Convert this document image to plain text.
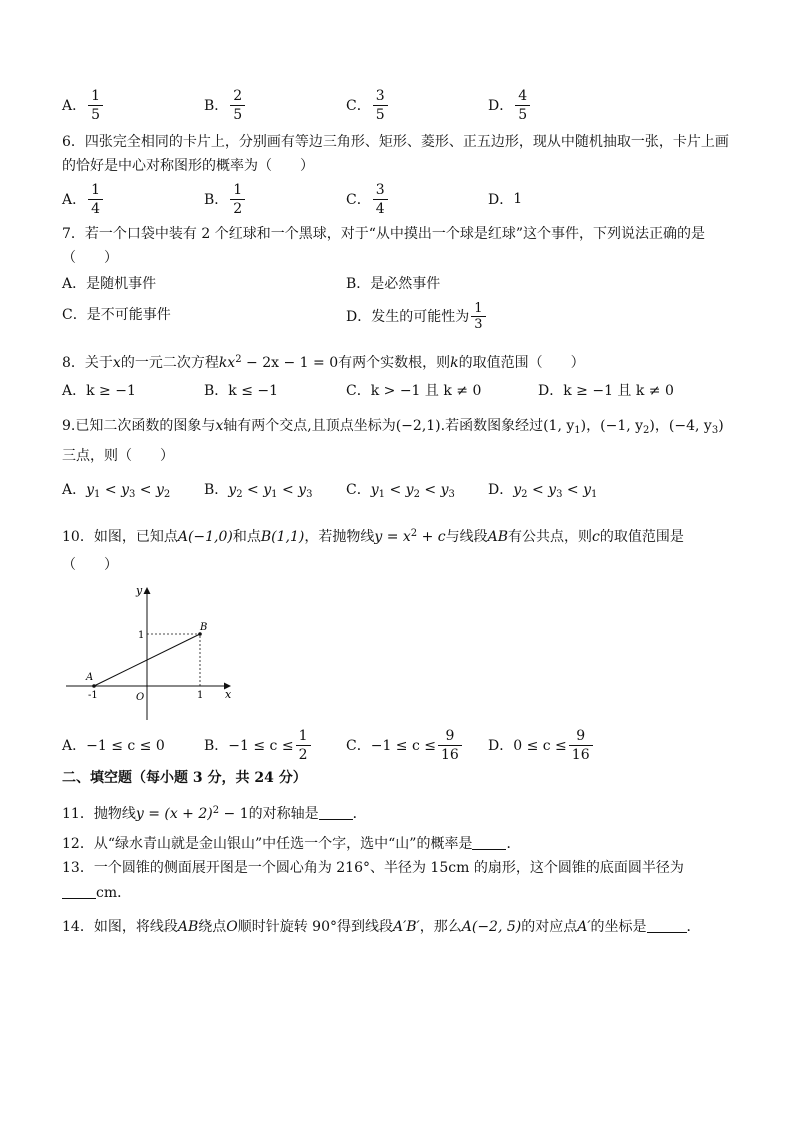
A． $\frac{1}{5}$	B． $\frac{2}{5}$	C． $\frac{3}{5}$	D． $\frac{4}{5}$
6．四张完全相同的卡片上，分别画有等边三角形、矩形、菱形、正五边形，现从中随机抽取一张，卡片上画
的恰好是中心对称图形的概率为（　　）
A． $\frac{1}{4}$	B． $\frac{1}{2}$	C． $\frac{3}{4}$	D． 1
7．若一个口袋中装有 2 个红球和一个黑球，对于“从中摸出一个球是红球”这个事件，下列说法正确的是
（　　）
A．是随机事件	B．是必然事件
C．是不可能事件	D．发生的可能性为 $\frac{1}{3}$
8．关于x的一元二次方程$kx^2 - 2x - 1 = 0$有两个实数根，则k的取值范围（　　）
A．k ≥ −1	B．k ≤ −1	C．k > −1 且 k ≠ 0	D．k ≥ −1 且 k ≠ 0
9.已知二次函数的图象与x轴有两个交点,且顶点坐标为(−2,1).若函数图象经过(1, $y_1$)，(−1, $y_2$)，(−4, $y_3$)
三点，则（　　）
A．$y_1 < y_3 < y_2$ B．$y_2 < y_1 < y_3$ C．$y_1 < y_2 < y_3$ D．$y_2 < y_3 < y_1$
10．如图，已知点A(−1,0)和点B(1,1)，若抛物线$y = x^2 + c$与线段AB有公共点，则c的取值范围是
（　　）
y
x
O
1
1
-1
A
B
A．−1 ≤ c ≤ 0	B．$-1 \le c \le \frac{1}{2}$	C．$-1 \le c \le \frac{9}{16}$ D．$0 \le c \le \frac{9}{16}$
二、填空题（每小题 3 分，共 24 分）
11．抛物线$y = (x + 2)^2 - 1$的对称轴是 ．
12．从“绿水青山就是金山银山”中任选一个字，选中“山”的概率是 ．
13．一个圆锥的侧面展开图是一个圆心角为 216°、半径为 15cm 的扇形，这个圆锥的底面圆半径为
cm．
14．如图，将线段AB绕点O顺时针旋转 90°得到线段A′B′，那么A(−2, 5)的对应点A′的坐标是	．
